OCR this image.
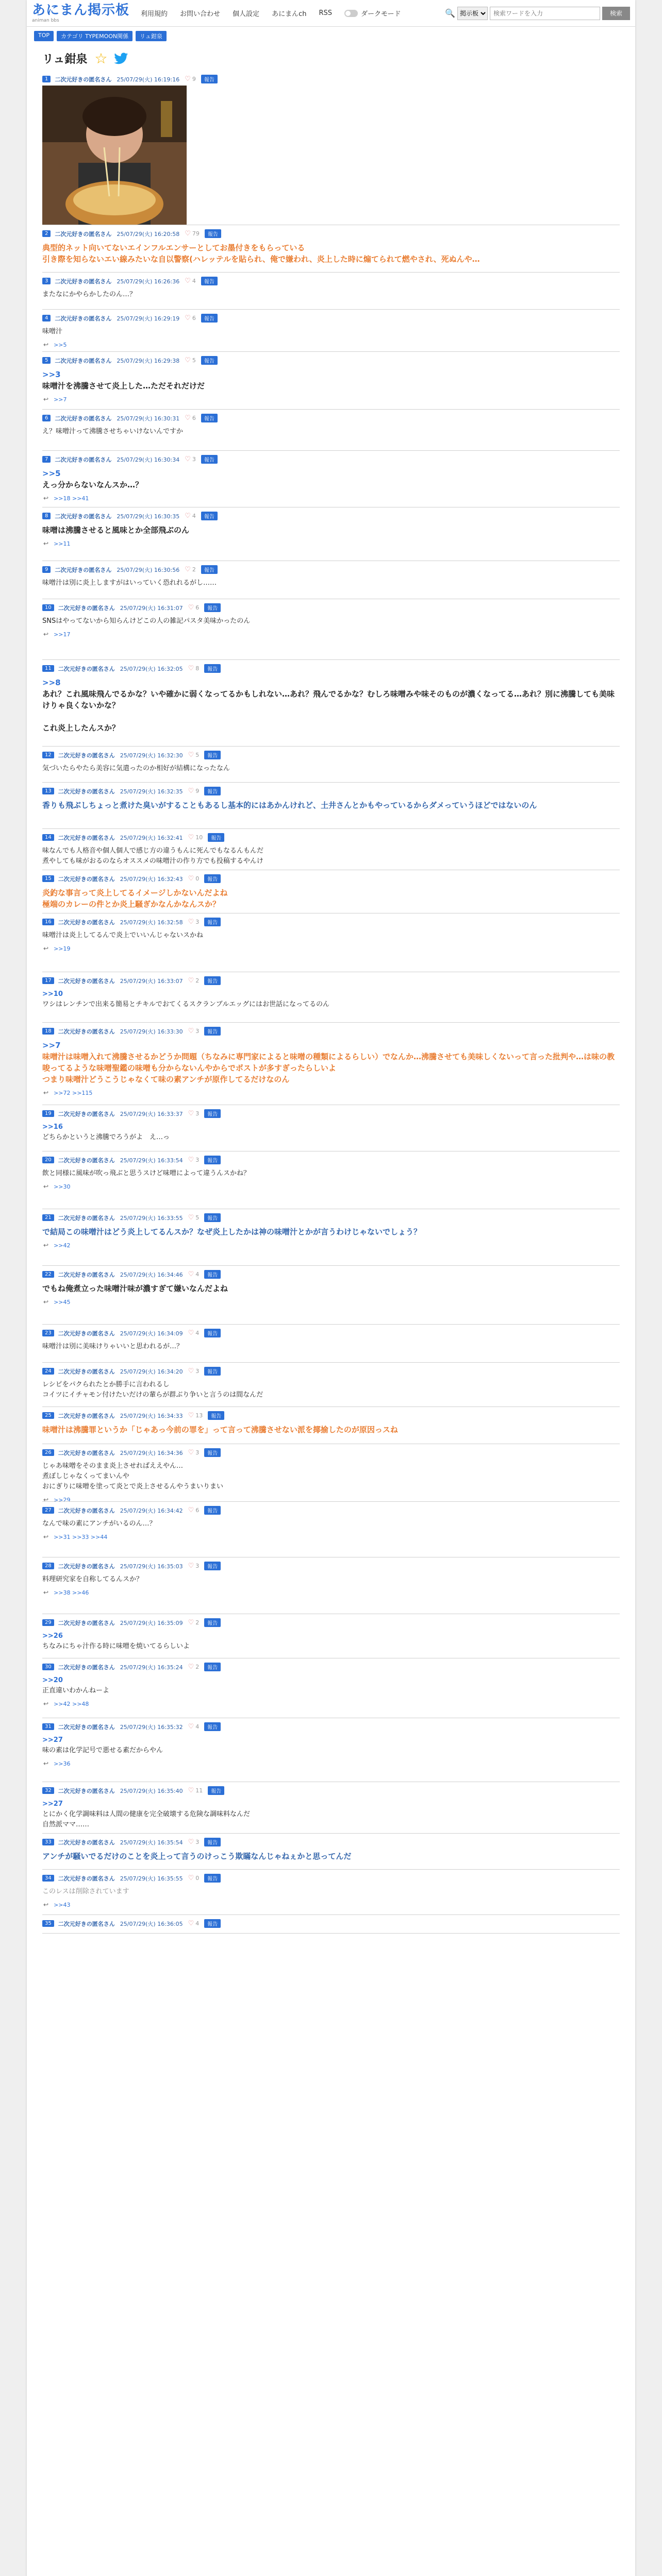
あにまん掲示板
animan bbs
利用規約 お問い合わせ 個人設定 あにまんch RSS	ダークモード	🔍
掲示板
検索ワードを入力	検索
TOP	カテゴリ TYPEMOON関係	リュ鉗泉
リュ鉗泉 ☆
1	二次元好きの匿名さん 25/07/29(火) 16:19:16 ♡ 9	報告
2	二次元好きの匿名さん 25/07/29(火) 16:20:58 ♡ 79	報告
典型的ネット向いてないエインフルエンサーとしてお墨付きをもらっている
引き際を知らないエい線みたいな自以警察(ハレッテルを貼られ、俺で嫌われ、炎上した時に煽てられて燃やされ、死ぬんや…
3	二次元好きの匿名さん 25/07/29(火) 16:26:36 ♡ 4	報告
またなにかやらかしたのん…？
4	二次元好きの匿名さん 25/07/29(火) 16:29:19 ♡ 6	報告
味噌汁
↩ >>5
5	二次元好きの匿名さん 25/07/29(火) 16:29:38 ♡ 5	報告
>>3
味噌汁を沸騰させて炎上した…ただそれだけだ
↩ >>7
6	二次元好きの匿名さん 25/07/29(火) 16:30:31 ♡ 6	報告
え？味噌汁って沸騰させちゃいけないんですか
7	二次元好きの匿名さん 25/07/29(火) 16:30:34 ♡ 3	報告
>>5
えっ分からないなんスか…？
↩ >>18 >>41
8	二次元好きの匿名さん 25/07/29(火) 16:30:35 ♡ 4	報告
味噌は沸騰させると風味とか全部飛ぶのん
↩ >>11
9	二次元好きの匿名さん 25/07/29(火) 16:30:56 ♡ 2	報告
味噌汁は別に炎上しますがはいっていく恐れれるがし……
10	二次元好きの匿名さん 25/07/29(火) 16:31:07 ♡ 6	報告
SNSはやってないから知らんけどこの人の雑記パスタ美味かったのん
↩ >>17
11	二次元好きの匿名さん 25/07/29(火) 16:32:05 ♡ 8	報告
>>8
あれ？これ風味飛んでるかな？いや確かに弱くなってるかもしれない…あれ？飛んでるかな？むしろ味噌みや味そのものが濃くなってる…あれ？別に沸騰しても美味けりゃ良くないかな？

これ炎上したんスか？
12	二次元好きの匿名さん 25/07/29(火) 16:32:30 ♡ 5	報告
気づいたらやたら美容に気遣ったのか相好が結構になったなん
13	二次元好きの匿名さん 25/07/29(火) 16:32:35 ♡ 9	報告
香りも飛ぶしちょっと煮けた臭いがすることもあるし基本的にはあかんけれど、土井さんとかもやっているからダメっていうほどではないのん
14	二次元好きの匿名さん 25/07/29(火) 16:32:41 ♡ 10	報告
味なんでも人格音や個人個人で感じ方の違うもんに死んでもなるんもんだ
煮やしても味がおるのならオススメの味噌汁の作り方でも投稿するやんけ
15	二次元好きの匿名さん 25/07/29(火) 16:32:43 ♡ 0	報告
炎釣な事言って炎上してるイメージしかないんだよね
極端のカレーの件とか炎上騒ぎかなんかなんスか？
16	二次元好きの匿名さん 25/07/29(火) 16:32:58 ♡ 3	報告
味噌汁は炎上してるんで炎上でいいんじゃないスかね
↩ >>19
17	二次元好きの匿名さん 25/07/29(火) 16:33:07 ♡ 2	報告
>>10
ワシはレンチンで出来る簡易とチキルでおてくるスクランブルエッグにはお世話になってるのん
18	二次元好きの匿名さん 25/07/29(火) 16:33:30 ♡ 3	報告
>>7
味噌汁は味噌入れて沸騰させるかどうか問題（ちなみに専門家によると味噌の種類によるらしい）でなんか…沸騰させても美味しくないって言った批判や…は味の教唆ってるような味噌聖鑑の味噌も分からないんやからでポストが多すぎったらしいよ
つまり味噌汁どうこうじゃなくて味の素アンチが原作してるだけなのん
↩ >>72 >>115
19	二次元好きの匿名さん 25/07/29(火) 16:33:37 ♡ 3	報告
>>16
どちらかというと沸騰でろうがよ　え…っ
20	二次元好きの匿名さん 25/07/29(火) 16:33:54 ♡ 3	報告
飲と同様に風味が吹っ飛ぶと思うスけど味噌によって違うんスかね？
↩ >>30
21	二次元好きの匿名さん 25/07/29(火) 16:33:55 ♡ 5	報告
で結局この味噌汁はどう炎上してるんスか？なぜ炎上したかは神の味噌汁とかが言うわけじゃないでしょう？
↩ >>42
22	二次元好きの匿名さん 25/07/29(火) 16:34:46 ♡ 4	報告
でもね俺煮立った味噌汁味が濃すぎて嫌いなんだよね
↩ >>45
23	二次元好きの匿名さん 25/07/29(火) 16:34:09 ♡ 4	報告
味噌汁は別に美味けりゃいいと思われるが…？
24	二次元好きの匿名さん 25/07/29(火) 16:34:20 ♡ 3	報告
レシピをパクられたとか勝手に言われるし
コイツにイチャモン付けたいだけの輩らが群ぶり争いと言うのは間なんだ
25	二次元好きの匿名さん 25/07/29(火) 16:34:33 ♡ 13	報告
味噌汁は沸騰罪というか「じゃあっ今前の罪を」って言って沸騰させない派を揶揄したのが原因っスね
26	二次元好きの匿名さん 25/07/29(火) 16:34:36 ♡ 3	報告
じゃあ味噌をそのまま炎上させればええやん…
煮ぼしじゃなくってまいんや
おにぎりに味噌を塗って炎とで炎上させるんやうまいりまい
↩ >>29
27	二次元好きの匿名さん 25/07/29(火) 16:34:42 ♡ 6	報告
なんで味の素にアンチがいるのん…？
↩ >>31 >>33 >>44
28	二次元好きの匿名さん 25/07/29(火) 16:35:03 ♡ 3	報告
料理研究家を自称してるんスか？
↩ >>38 >>46
29	二次元好きの匿名さん 25/07/29(火) 16:35:09 ♡ 2	報告
>>26
ちなみにちゃ汁作る時に味噌を焼いてるらしいよ
30	二次元好きの匿名さん 25/07/29(火) 16:35:24 ♡ 2	報告
>>20
正直違いわかんねーよ
↩ >>42 >>48
31	二次元好きの匿名さん 25/07/29(火) 16:35:32 ♡ 4	報告
>>27
味の素は化学記号で悪せる素だからやん
↩ >>36
32	二次元好きの匿名さん 25/07/29(火) 16:35:40 ♡ 11	報告
>>27
とにかく化学調味料は人間の健康を完全破壊する危険な調味料なんだ
自然派ママ……
33	二次元好きの匿名さん 25/07/29(火) 16:35:54 ♡ 3	報告
アンチが騒いでるだけのことを炎上って言うのけっこう欺瞞なんじゃねぇかと思ってんだ
34	二次元好きの匿名さん 25/07/29(火) 16:35:55 ♡ 0	報告
このレスは削除されています
↩ >>43
35	二次元好きの匿名さん 25/07/29(火) 16:36:05 ♡ 4	報告
